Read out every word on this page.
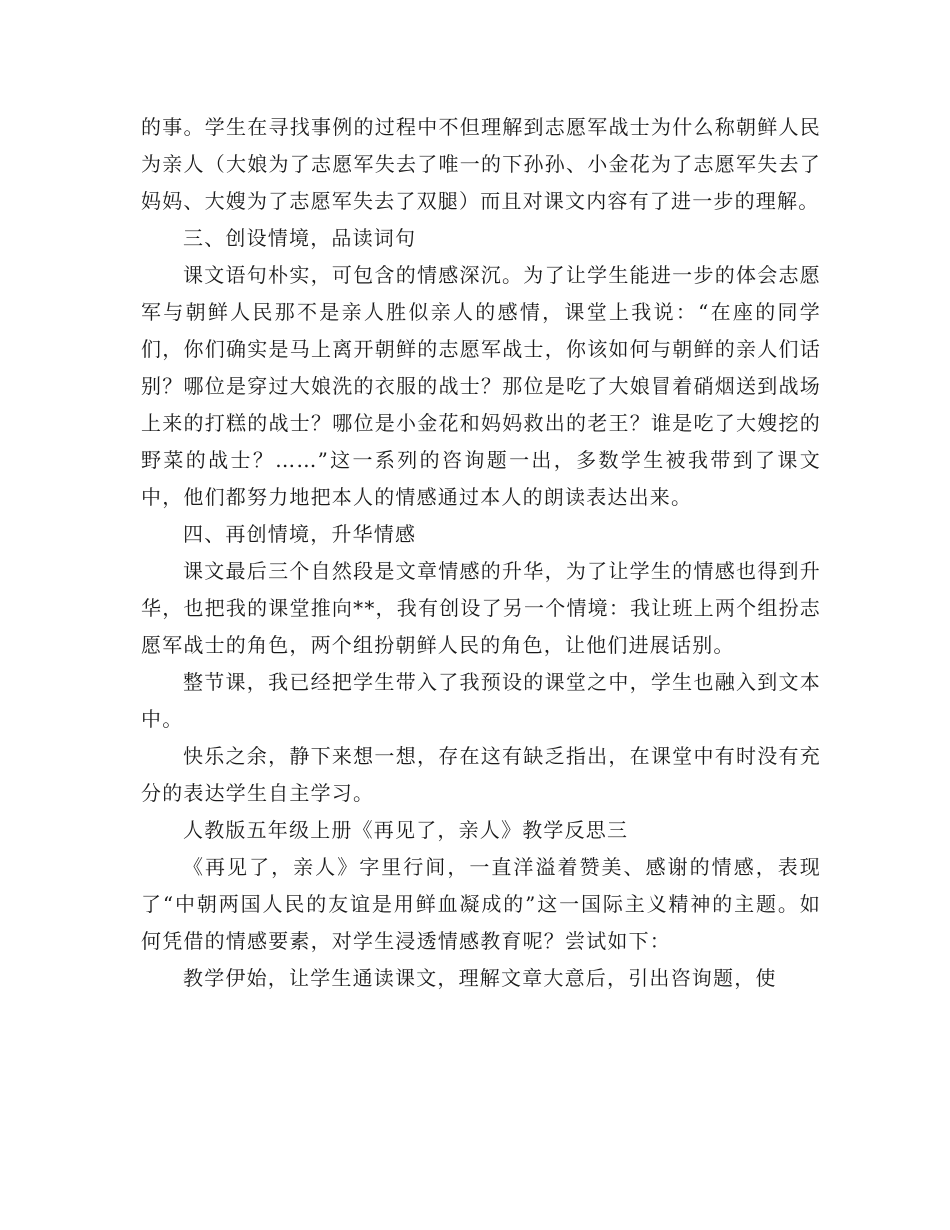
的事。学生在寻找事例的过程中不但理解到志愿军战士为什么称朝鲜人民为亲人（大娘为了志愿军失去了唯一的下孙孙、小金花为了志愿军失去了妈妈、大嫂为了志愿军失去了双腿）而且对课文内容有了进一步的理解。

三、创设情境，品读词句

课文语句朴实，可包含的情感深沉。为了让学生能进一步的体会志愿军与朝鲜人民那不是亲人胜似亲人的感情，课堂上我说：“在座的同学们，你们确实是马上离开朝鲜的志愿军战士，你该如何与朝鲜的亲人们话别？哪位是穿过大娘洗的衣服的战士？那位是吃了大娘冒着硝烟送到战场上来的打糕的战士？哪位是小金花和妈妈救出的老王？谁是吃了大嫂挖的野菜的战士？……”这一系列的咨询题一出，多数学生被我带到了课文中，他们都努力地把本人的情感通过本人的朗读表达出来。

四、再创情境，升华情感

课文最后三个自然段是文章情感的升华，为了让学生的情感也得到升华，也把我的课堂推向**，我有创设了另一个情境：我让班上两个组扮志愿军战士的角色，两个组扮朝鲜人民的角色，让他们进展话别。

整节课，我已经把学生带入了我预设的课堂之中，学生也融入到文本中。

快乐之余，静下来想一想，存在这有缺乏指出，在课堂中有时没有充分的表达学生自主学习。

人教版五年级上册《再见了，亲人》教学反思三

《再见了，亲人》字里行间，一直洋溢着赞美、感谢的情感，表现了“中朝两国人民的友谊是用鲜血凝成的”这一国际主义精神的主题。如何凭借的情感要素，对学生浸透情感教育呢？尝试如下：

教学伊始，让学生通读课文，理解文章大意后，引出咨询题，使
